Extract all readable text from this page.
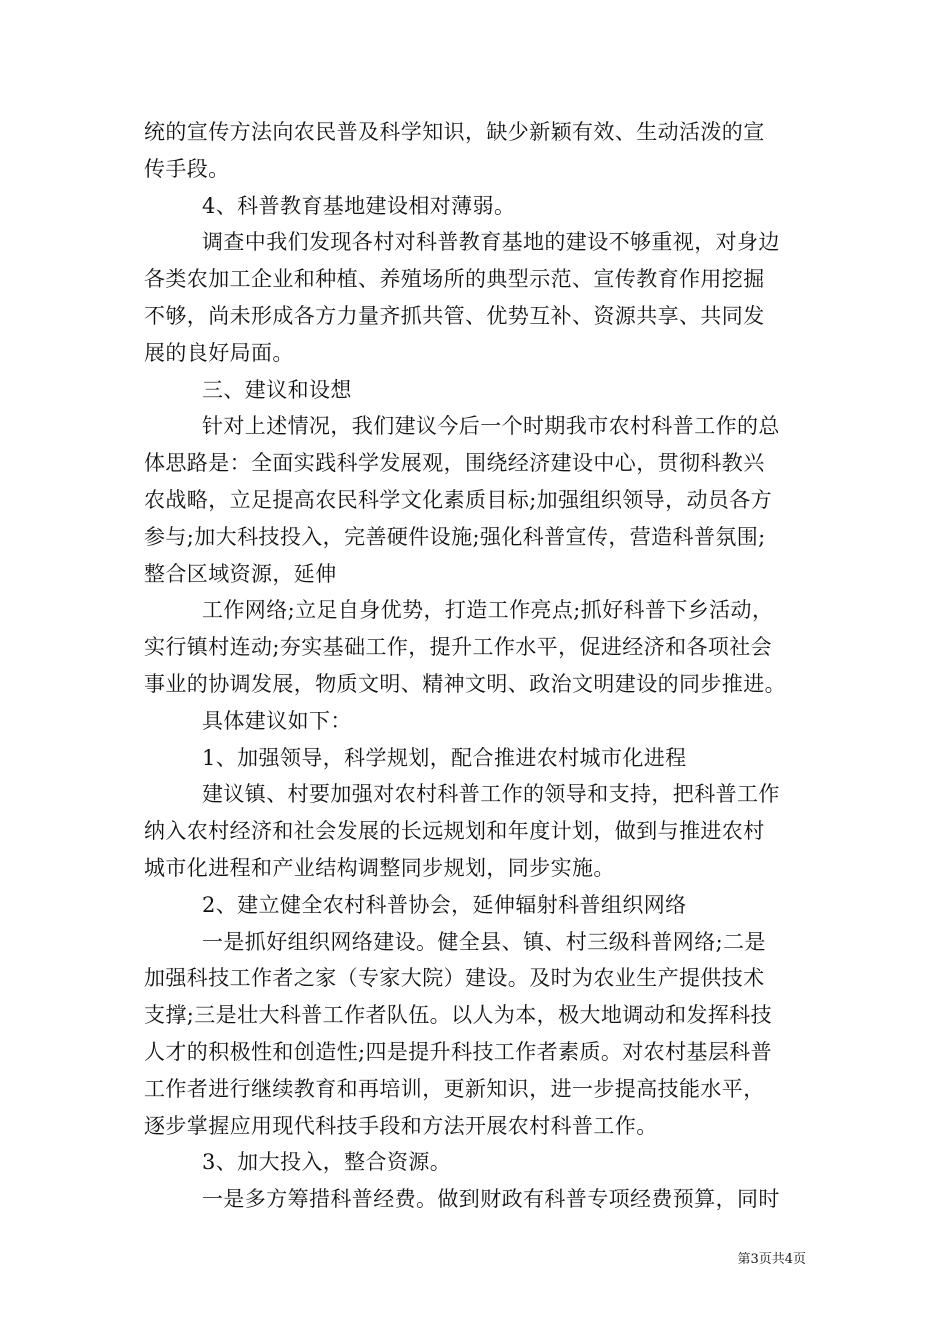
统的宣传方法向农民普及科学知识，缺少新颖有效、生动活泼的宣
传手段。
4、科普教育基地建设相对薄弱。
调查中我们发现各村对科普教育基地的建设不够重视，对身边
各类农加工企业和种植、养殖场所的典型示范、宣传教育作用挖掘
不够，尚未形成各方力量齐抓共管、优势互补、资源共享、共同发
展的良好局面。
三、建议和设想
针对上述情况，我们建议今后一个时期我市农村科普工作的总
体思路是：全面实践科学发展观，围绕经济建设中心，贯彻科教兴
农战略，立足提高农民科学文化素质目标;加强组织领导，动员各方
参与;加大科技投入，完善硬件设施;强化科普宣传，营造科普氛围;
整合区域资源，延伸
工作网络;立足自身优势，打造工作亮点;抓好科普下乡活动，
实行镇村连动;夯实基础工作，提升工作水平，促进经济和各项社会
事业的协调发展，物质文明、精神文明、政治文明建设的同步推进。
具体建议如下：
1、加强领导，科学规划，配合推进农村城市化进程
建议镇、村要加强对农村科普工作的领导和支持，把科普工作
纳入农村经济和社会发展的长远规划和年度计划，做到与推进农村
城市化进程和产业结构调整同步规划，同步实施。
2、建立健全农村科普协会，延伸辐射科普组织网络
一是抓好组织网络建设。健全县、镇、村三级科普网络;二是
加强科技工作者之家（专家大院）建设。及时为农业生产提供技术
支撑;三是壮大科普工作者队伍。以人为本，极大地调动和发挥科技
人才的积极性和创造性;四是提升科技工作者素质。对农村基层科普
工作者进行继续教育和再培训，更新知识，进一步提高技能水平，
逐步掌握应用现代科技手段和方法开展农村科普工作。
3、加大投入，整合资源。
一是多方筹措科普经费。做到财政有科普专项经费预算，同时
第3页共4页
